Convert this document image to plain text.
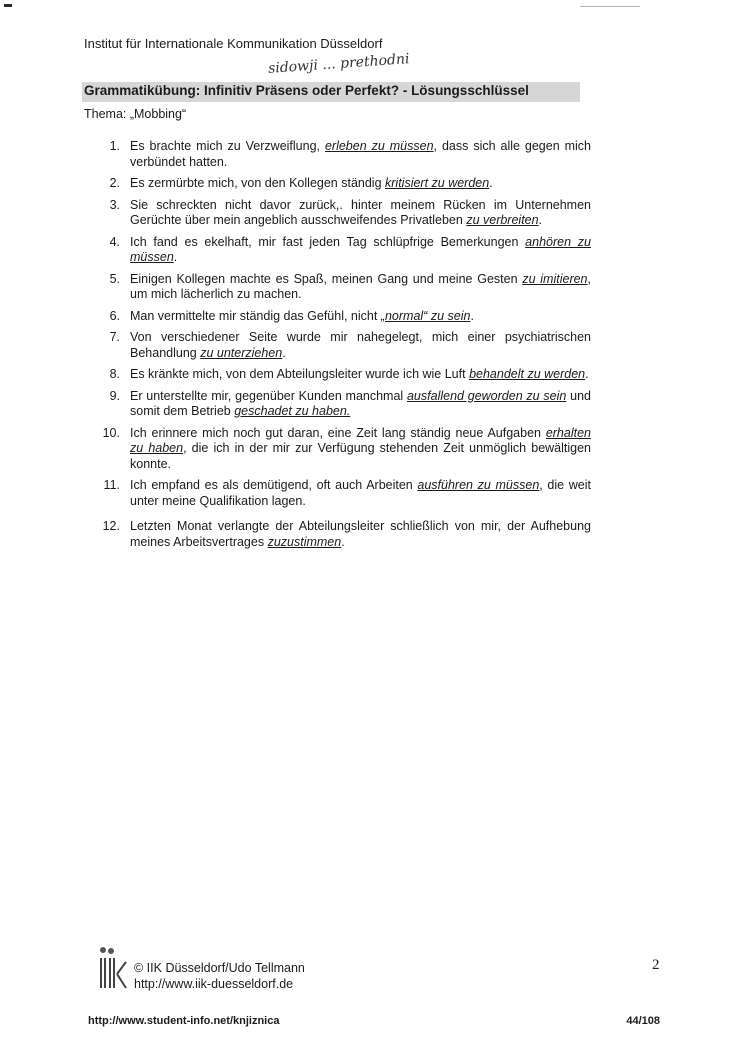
Institut für Internationale Kommunikation Düsseldorf
sidowji ... prethodni
Grammatikübung: Infinitiv Präsens oder Perfekt? - Lösungsschlüssel
Thema: „Mobbing“
1. Es brachte mich zu Verzweiflung, erleben zu müssen, dass sich alle gegen mich verbündet hatten.
2. Es zermürbte mich, von den Kollegen ständig kritisiert zu werden.
3. Sie schreckten nicht davor zurück,. hinter meinem Rücken im Unternehmen Gerüchte über mein angeblich ausschweifendes Privatleben zu verbreiten.
4. Ich fand es ekelhaft, mir fast jeden Tag schlüpfrige Bemerkungen anhören zu müssen.
5. Einigen Kollegen machte es Spaß, meinen Gang und meine Gesten zu imitieren, um mich lächerlich zu machen.
6. Man vermittelte mir ständig das Gefühl, nicht „normal“ zu sein.
7. Von verschiedener Seite wurde mir nahegelegt, mich einer psychiatrischen Behandlung zu unterziehen.
8. Es kränkte mich, von dem Abteilungsleiter wurde ich wie Luft behandelt zu werden.
9. Er unterstellte mir, gegenüber Kunden manchmal ausfallend geworden zu sein und somit dem Betrieb geschadet zu haben.
10. Ich erinnere mich noch gut daran, eine Zeit lang ständig neue Aufgaben erhalten zu haben, die ich in der mir zur Verfügung stehenden Zeit unmöglich bewältigen konnte.
11. Ich empfand es als demütigend, oft auch Arbeiten ausführen zu müssen, die weit unter meine Qualifikation lagen.
12. Letzten Monat verlangte der Abteilungsleiter schließlich von mir, der Aufhebung meines Arbeitsvertrages zuzustimmen.
© IIK Düsseldorf/Udo Tellmann
http://www.iik-duesseldorf.de
2
http://www.student-info.net/knjiznica	44/108
